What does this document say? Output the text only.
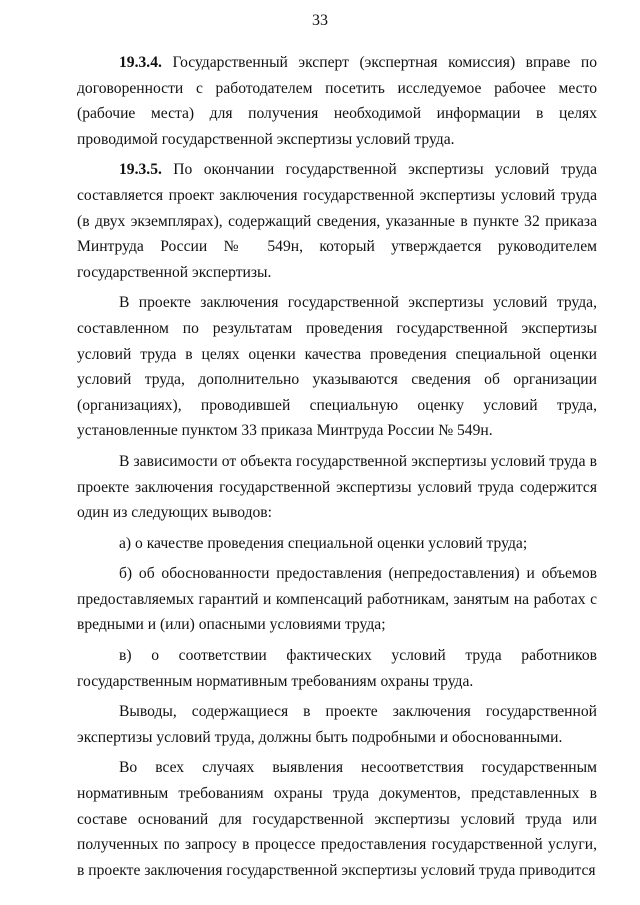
33

19.3.4. Государственный эксперт (экспертная комиссия) вправе по договоренности с работодателем посетить исследуемое рабочее место (рабочие места) для получения необходимой информации в целях проводимой государственной экспертизы условий труда.

19.3.5. По окончании государственной экспертизы условий труда составляется проект заключения государственной экспертизы условий труда (в двух экземплярах), содержащий сведения, указанные в пункте 32 приказа Минтруда России № 549н, который утверждается руководителем государственной экспертизы.

В проекте заключения государственной экспертизы условий труда, составленном по результатам проведения государственной экспертизы условий труда в целях оценки качества проведения специальной оценки условий труда, дополнительно указываются сведения об организации (организациях), проводившей специальную оценку условий труда, установленные пунктом 33 приказа Минтруда России № 549н.

В зависимости от объекта государственной экспертизы условий труда в проекте заключения государственной экспертизы условий труда содержится один из следующих выводов:

а) о качестве проведения специальной оценки условий труда;

б) об обоснованности предоставления (непредоставления) и объемов предоставляемых гарантий и компенсаций работникам, занятым на работах с вредными и (или) опасными условиями труда;

в) о соответствии фактических условий труда работников государственным нормативным требованиям охраны труда.

Выводы, содержащиеся в проекте заключения государственной экспертизы условий труда, должны быть подробными и обоснованными.

Во всех случаях выявления несоответствия государственным нормативным требованиям охраны труда документов, представленных в составе оснований для государственной экспертизы условий труда или полученных по запросу в процессе предоставления государственной услуги, в проекте заключения государственной экспертизы условий труда приводится
